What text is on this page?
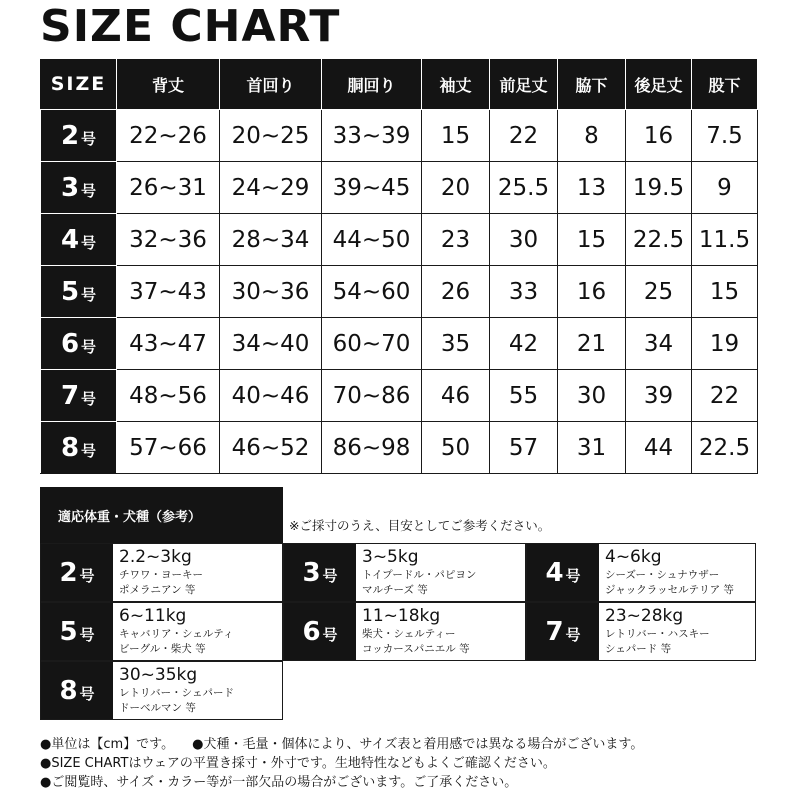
SIZE CHART
SIZE	背丈	首回り	胴回り	袖丈	前足丈	脇下	後足丈	股下
2 号	22~26	20~25	33~39	15	22	8	16	7.5
3 号	26~31	24~29	39~45	20	25.5	13	19.5	9
4 号	32~36	28~34	44~50	23	30	15	22.5	11.5
5 号	37~43	30~36	54~60	26	33	16	25	15
6 号	43~47	34~40	60~70	35	42	21	34	19
7 号	48~56	40~46	70~86	46	55	30	39	22
8 号	57~66	46~52	86~98	50	57	31	44	22.5
適応体重・犬種（参考）
※ご採寸のうえ、目安としてご参考ください。
2 号
2.2~3kg
チワワ・ヨーキー
ポメラニアン 等
3 号
3~5kg
トイプードル・パピヨン
マルチーズ 等
4 号
4~6kg
シーズー・シュナウザー
ジャックラッセルテリア 等
5 号
6~11kg
キャバリア・シェルティ
ビーグル・柴犬 等
6 号
11~18kg
柴犬・シェルティー
コッカースパニエル 等
7 号
23~28kg
レトリバー・ハスキー
シェパード 等
8 号
30~35kg
レトリバー・シェパード
ドーベルマン 等
●単位は【cm】です。 ●犬種・毛量・個体により、サイズ表と着用感では異なる場合がございます。
●SIZE CHARTはウェアの平置き採寸・外寸です。生地特性などもよくご確認ください。
●ご閲覧時、サイズ・カラー等が一部欠品の場合がございます。ご了承ください。
